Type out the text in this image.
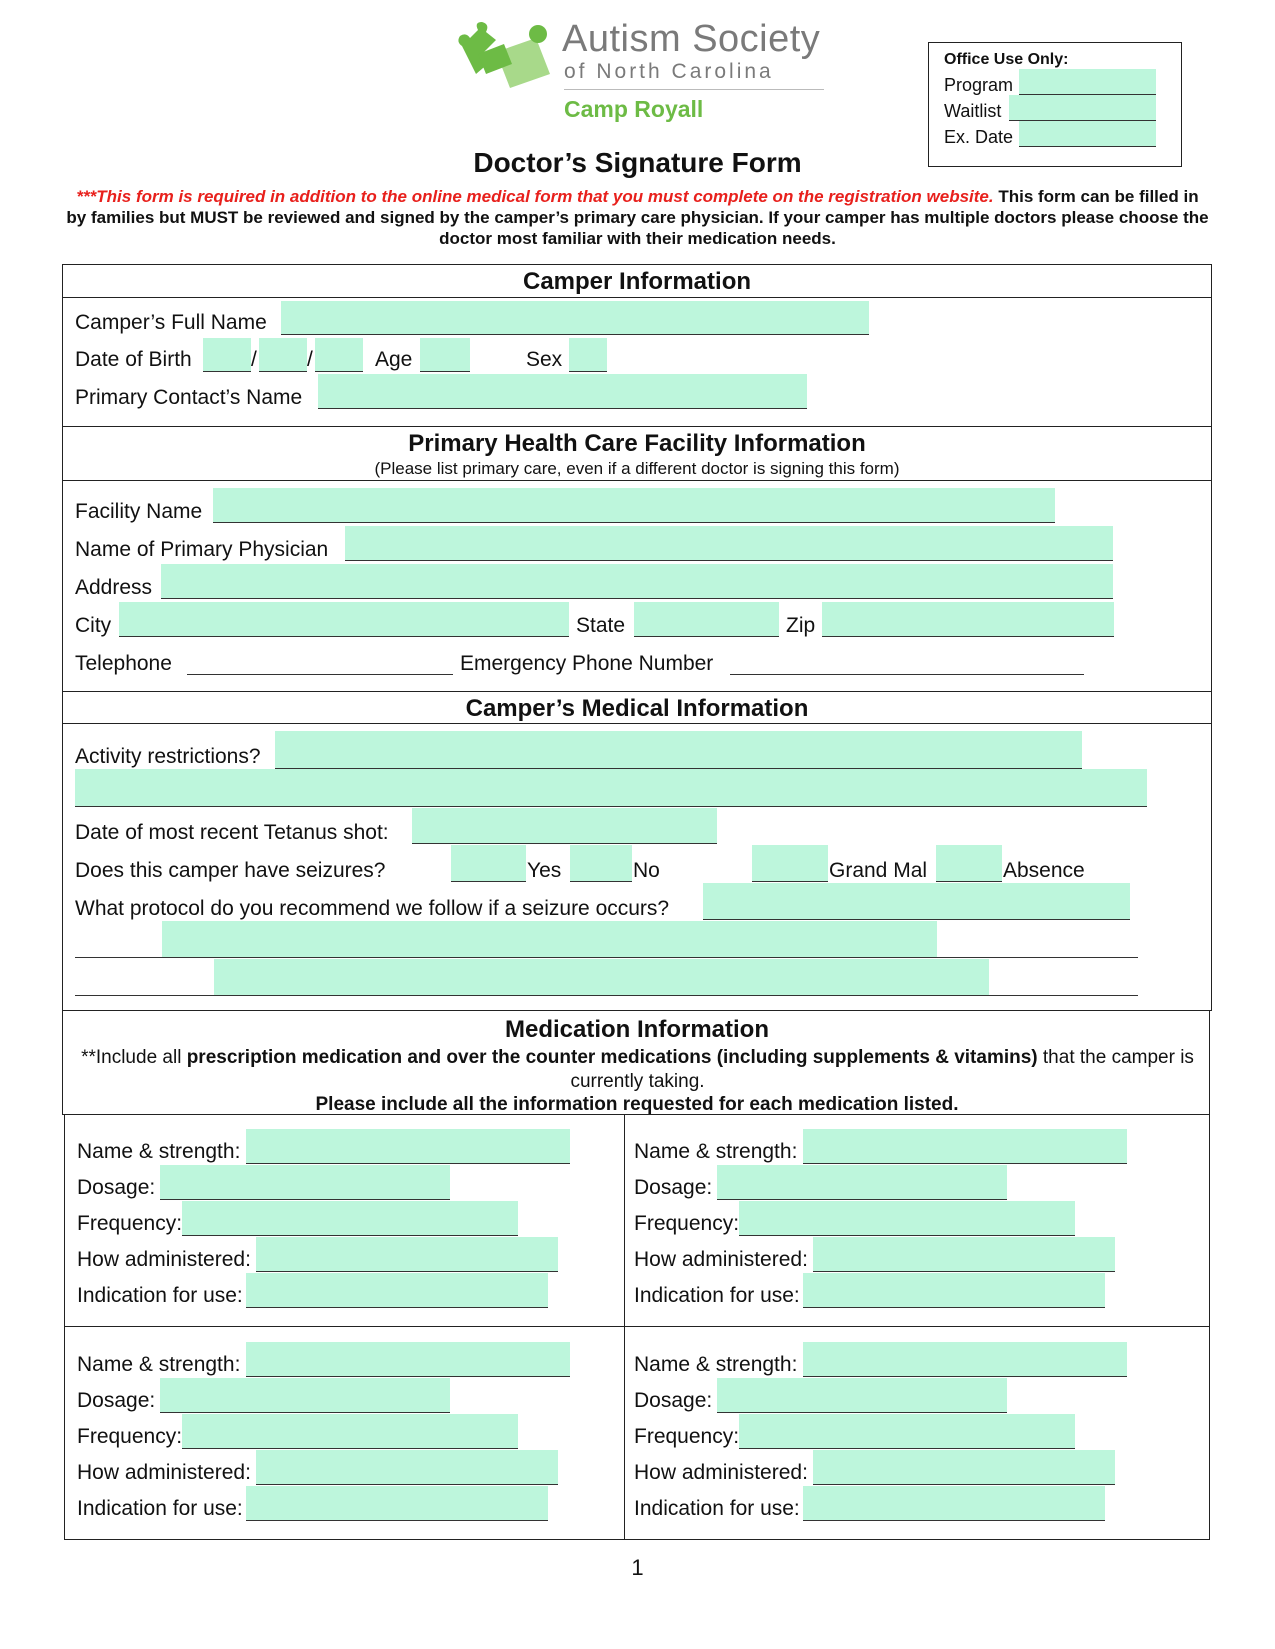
Autism Society
of North Carolina
Camp Royall
Office Use Only:
Program
Waitlist
Ex. Date
Doctor’s Signature Form
***This form is required in addition to the online medical form that you must complete on the registration website. This form can be filled in by families but MUST be reviewed and signed by the camper’s primary care physician. If your camper has multiple doctors please choose the doctor most familiar with their medication needs.
Camper Information
Camper’s Full Name
Date of Birth	/ /	Age	Sex
Primary Contact’s Name
Primary Health Care Facility Information
(Please list primary care, even if a different doctor is signing this form)
Facility Name
Name of Primary Physician
Address
City	State	Zip
Telephone	Emergency Phone Number
Camper’s Medical Information
Activity restrictions?
Date of most recent Tetanus shot:
Does this camper have seizures?	Yes	No	Grand Mal	Absence
What protocol do you recommend we follow if a seizure occurs?
Medication Information
**Include all prescription medication and over the counter medications (including supplements & vitamins) that the camper is currently taking.
Please include all the information requested for each medication listed.
Name & strength:
Dosage:
Frequency:
How administered:
Indication for use:
Name & strength:
Dosage:
Frequency:
How administered:
Indication for use:
Name & strength:
Dosage:
Frequency:
How administered:
Indication for use:
Name & strength:
Dosage:
Frequency:
How administered:
Indication for use:
1
